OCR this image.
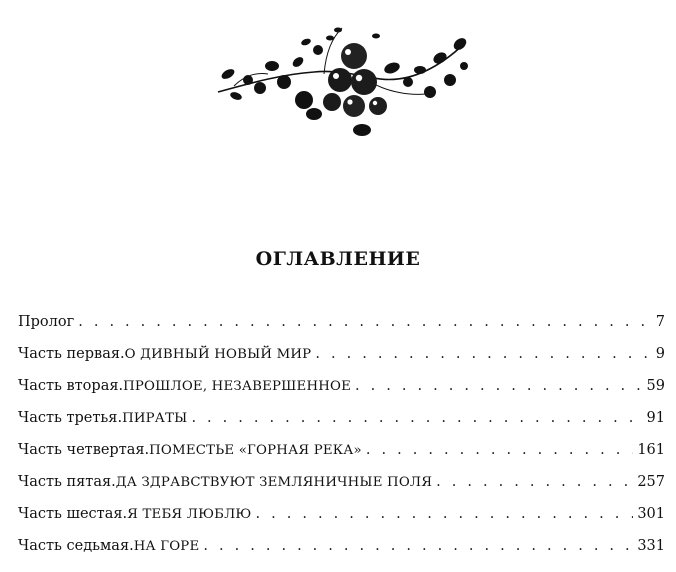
ОГЛАВЛЕНИЕ
Пролог . . .	7
Часть первая. О ДИВНЫЙ НОВЫЙ МИР . . .	9
Часть вторая. ПРОШЛОЕ, НЕЗАВЕРШЕННОЕ . . .	59
Часть третья. ПИРАТЫ . . .	91
Часть четвертая. ПОМЕСТЬЕ «ГОРНАЯ РЕКА» . . .	161
Часть пятая. ДА ЗДРАВСТВУЮТ ЗЕМЛЯНИЧНЫЕ ПОЛЯ . . .	257
Часть шестая. Я ТЕБЯ ЛЮБЛЮ . . .	301
Часть седьмая. НА ГОРЕ . . .	331
